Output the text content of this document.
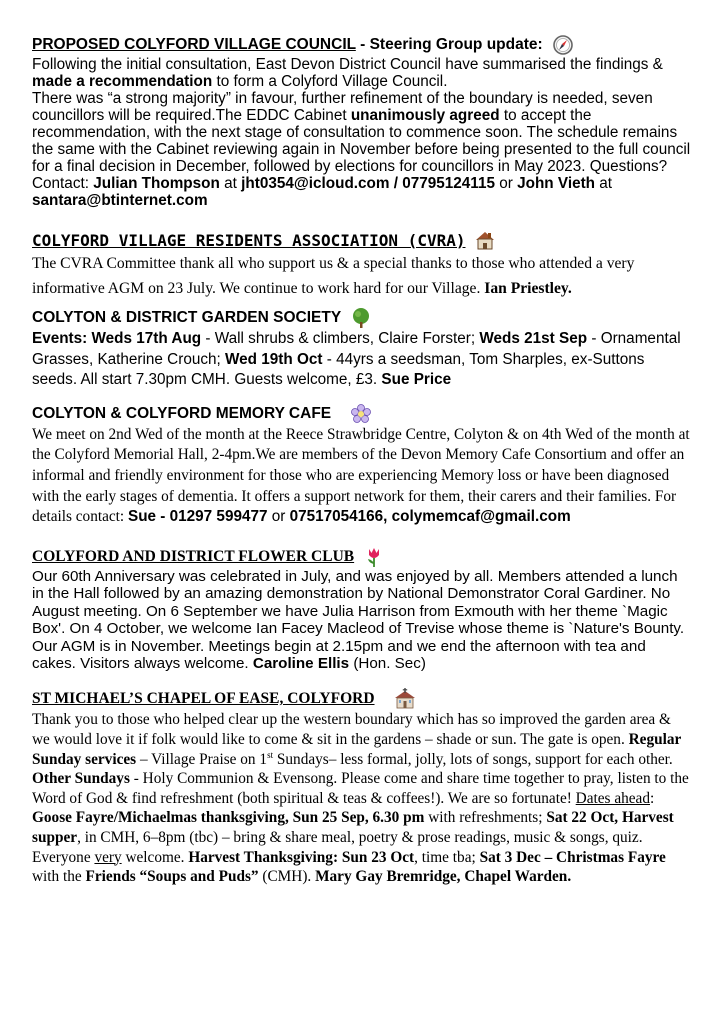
PROPOSED COLYFORD VILLAGE COUNCIL - Steering Group update:

Following the initial consultation, East Devon District Council have summarised the findings & made a recommendation to form a Colyford Village Council.

There was “a strong majority” in favour, further refinement of the boundary is needed, seven councillors will be required.The EDDC Cabinet unanimously agreed to accept the recommendation, with the next stage of consultation to commence soon. The schedule remains the same with the Cabinet reviewing again in November before being presented to the full council for a final decision in December, followed by elections for councillors in May 2023. Questions? Contact: Julian Thompson at jht0354@icloud.com / 07795124115 or John Vieth at santara@btinternet.com

COLYFORD VILLAGE RESIDENTS ASSOCIATION (CVRA)

The CVRA Committee thank all who support us & a special thanks to those who attended a very informative AGM on 23 July. We continue to work hard for our Village. Ian Priestley.

COLYTON & DISTRICT GARDEN SOCIETY

Events: Weds 17th Aug - Wall shrubs & climbers, Claire Forster; Weds 21st Sep - Ornamental Grasses, Katherine Crouch; Wed 19th Oct - 44yrs a seedsman, Tom Sharples, ex-Suttons seeds. All start 7.30pm CMH. Guests welcome, £3. Sue Price

COLYTON & COLYFORD MEMORY CAFE

We meet on 2nd Wed of the month at the Reece Strawbridge Centre, Colyton & on 4th Wed of the month at the Colyford Memorial Hall, 2-4pm.We are members of the Devon Memory Cafe Consortium and offer an informal and friendly environment for those who are experiencing Memory loss or have been diagnosed with the early stages of dementia. It offers a support network for them, their carers and their families. For details contact: Sue - 01297 599477 or 07517054166, colymemcaf@gmail.com

COLYFORD AND DISTRICT FLOWER CLUB

Our 60th Anniversary was celebrated in July, and was enjoyed by all. Members attended a lunch in the Hall followed by an amazing demonstration by National Demonstrator Coral Gardiner. No August meeting. On 6 September we have Julia Harrison from Exmouth with her theme `Magic Box'. On 4 October, we welcome Ian Facey Macleod of Trevise whose theme is `Nature's Bounty. Our AGM is in November. Meetings begin at 2.15pm and we end the afternoon with tea and cakes. Visitors always welcome. Caroline Ellis (Hon. Sec)

ST MICHAEL’S CHAPEL OF EASE, COLYFORD

Thank you to those who helped clear up the western boundary which has so improved the garden area & we would love it if folk would like to come & sit in the gardens – shade or sun. The gate is open. Regular Sunday services – Village Praise on 1st Sundays– less formal, jolly, lots of songs, support for each other. Other Sundays - Holy Communion & Evensong. Please come and share time together to pray, listen to the Word of God & find refreshment (both spiritual & teas & coffees!). We are so fortunate! Dates ahead: Goose Fayre/Michaelmas thanksgiving, Sun 25 Sep, 6.30 pm with refreshments; Sat 22 Oct, Harvest supper, in CMH, 6–8pm (tbc) – bring & share meal, poetry & prose readings, music & songs, quiz. Everyone very welcome. Harvest Thanksgiving: Sun 23 Oct, time tba; Sat 3 Dec – Christmas Fayre with the Friends “Soups and Puds” (CMH). Mary Gay Bremridge, Chapel Warden.
